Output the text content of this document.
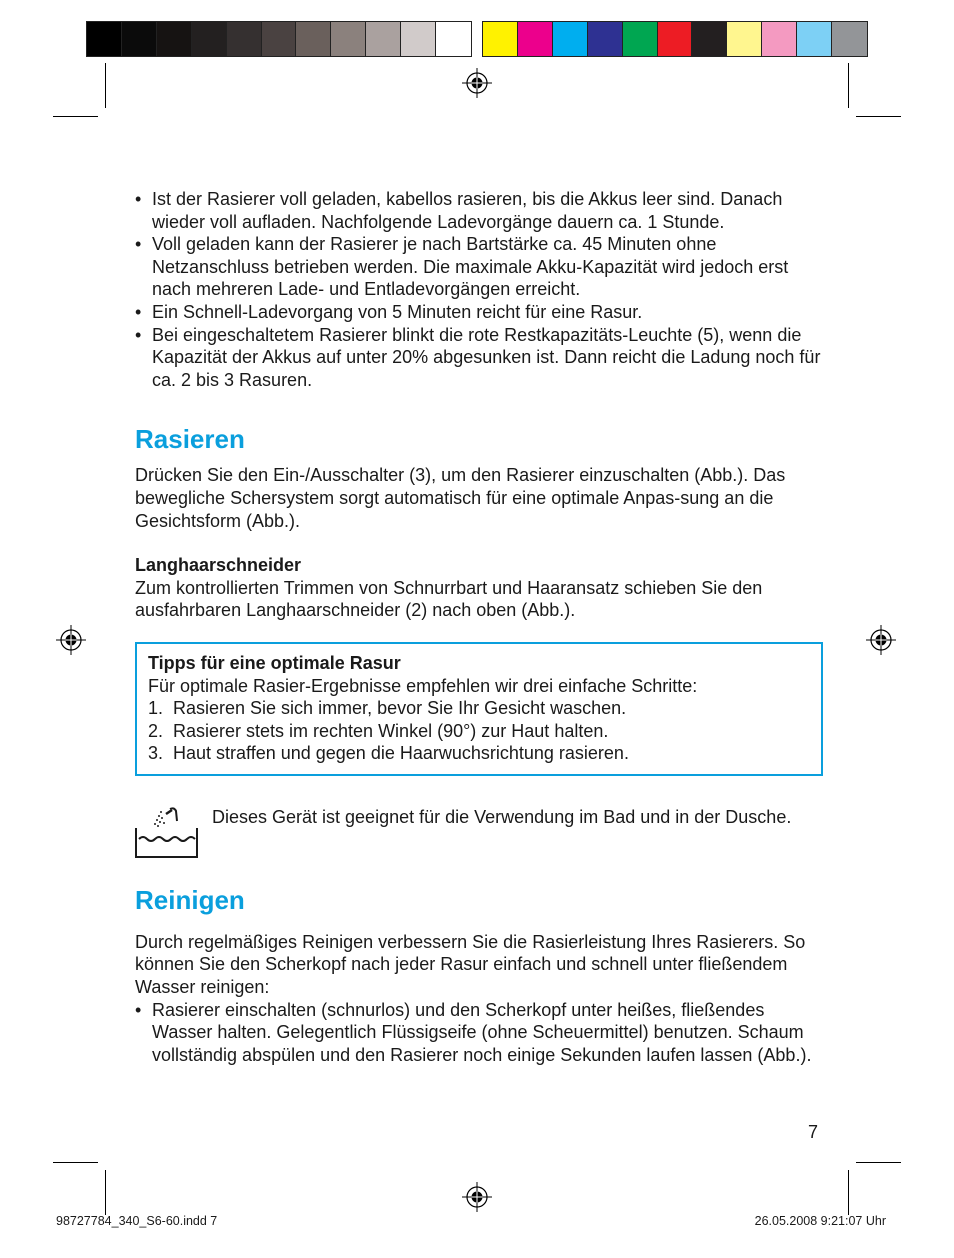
• Ist der Rasierer voll geladen, kabellos rasieren, bis die Akkus leer sind. Danach wieder voll aufladen. Nachfolgende Ladevorgänge dauern ca. 1 Stunde.
• Voll geladen kann der Rasierer je nach Bartstärke ca. 45 Minuten ohne Netzanschluss betrieben werden. Die maximale Akku-Kapazität wird jedoch erst nach mehreren Lade- und Entladevorgängen erreicht.
• Ein Schnell-Ladevorgang von 5 Minuten reicht für eine Rasur.
• Bei eingeschaltetem Rasierer blinkt die rote Restkapazitäts-Leuchte (5), wenn die Kapazität der Akkus auf unter 20% abgesunken ist. Dann reicht die Ladung noch für ca. 2 bis 3 Rasuren.
Rasieren

Drücken Sie den Ein-/Ausschalter (3), um den Rasierer einzuschalten (Abb.). Das bewegliche Schersystem sorgt automatisch für eine optimale Anpas-sung an die Gesichtsform (Abb.).

Langhaarschneider

Zum kontrollierten Trimmen von Schnurrbart und Haaransatz schieben Sie den ausfahrbaren Langhaarschneider (2) nach oben (Abb.).

Tipps für eine optimale Rasur

Für optimale Rasier-Ergebnisse empfehlen wir drei einfache Schritte:

1. Rasieren Sie sich immer, bevor Sie Ihr Gesicht waschen.
2. Rasierer stets im rechten Winkel (90°) zur Haut halten.
3. Haut straffen und gegen die Haarwuchsrichtung rasieren.

Dieses Gerät ist geeignet für die Verwendung im Bad und in der Dusche.

Reinigen

Durch regelmäßiges Reinigen verbessern Sie die Rasierleistung Ihres Rasierers. So können Sie den Scherkopf nach jeder Rasur einfach und schnell unter fließendem Wasser reinigen:

• Rasierer einschalten (schnurlos) und den Scherkopf unter heißes, fließendes Wasser halten. Gelegentlich Flüssigseife (ohne Scheuermittel) benutzen. Schaum vollständig abspülen und den Rasierer noch einige Sekunden laufen lassen (Abb.).
7
98727784_340_S6-60.indd 7	26.05.2008 9:21:07 Uhr
